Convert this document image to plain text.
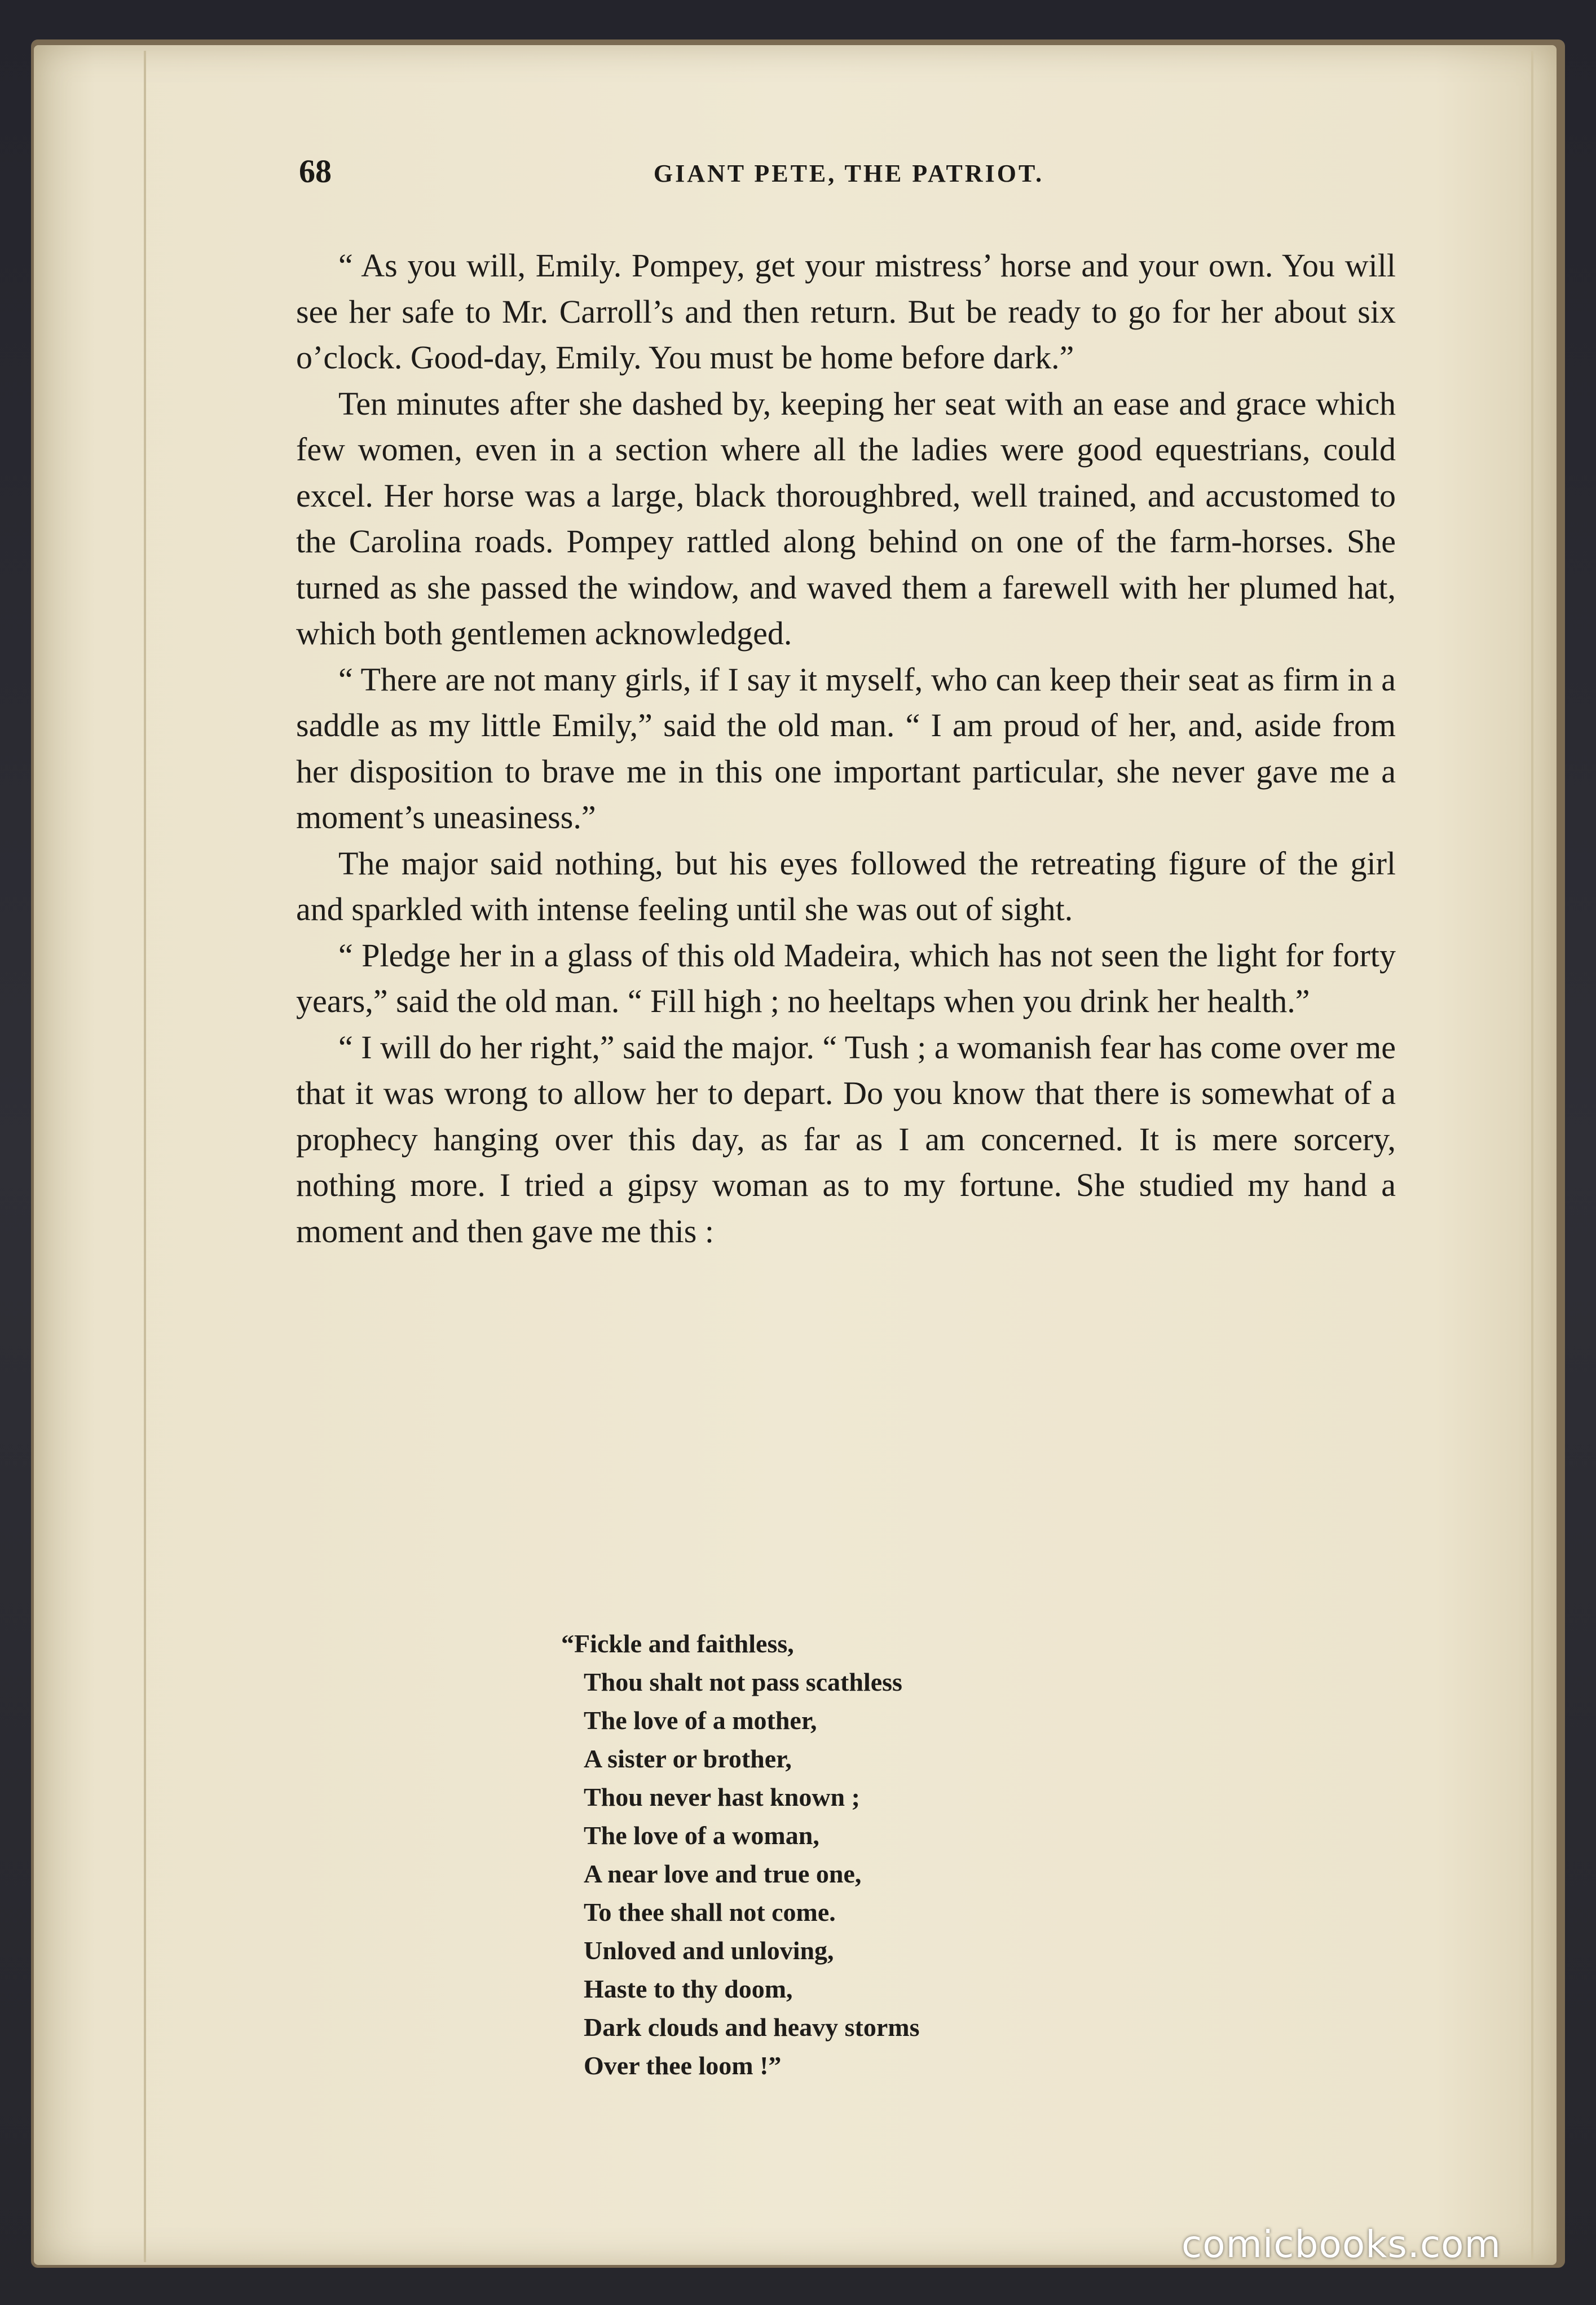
68	GIANT PETE, THE PATRIOT.

“ As you will, Emily. Pompey, get your mistress’ horse and your own. You will see her safe to Mr. Carroll’s and then return. But be ready to go for her about six o’clock. Good-day, Emily. You must be home before dark.”

Ten minutes after she dashed by, keeping her seat with an ease and grace which few women, even in a section where all the ladies were good equestrians, could excel. Her horse was a large, black thoroughbred, well trained, and accustomed to the Carolina roads. Pompey rattled along behind on one of the farm-horses. She turned as she passed the window, and waved them a farewell with her plumed hat, which both gentlemen acknowledged.

“ There are not many girls, if I say it myself, who can keep their seat as firm in a saddle as my little Emily,” said the old man. “ I am proud of her, and, aside from her disposition to brave me in this one important particular, she never gave me a moment’s uneasiness.”

The major said nothing, but his eyes followed the retreating figure of the girl and sparkled with intense feeling until she was out of sight.

“ Pledge her in a glass of this old Madeira, which has not seen the light for forty years,” said the old man. “ Fill high ; no heeltaps when you drink her health.”

“ I will do her right,” said the major. “ Tush ; a womanish fear has come over me that it was wrong to allow her to depart. Do you know that there is somewhat of a prophecy hanging over this day, as far as I am concerned. It is mere sorcery, nothing more. I tried a gipsy woman as to my fortune. She studied my hand a moment and then gave me this :

“Fickle and faithless,
Thou shalt not pass scathless
The love of a mother,
A sister or brother,
Thou never hast known ;
The love of a woman,
A near love and true one,
To thee shall not come.
Unloved and unloving,
Haste to thy doom,
Dark clouds and heavy storms
Over thee loom !”
comicbooks.com
